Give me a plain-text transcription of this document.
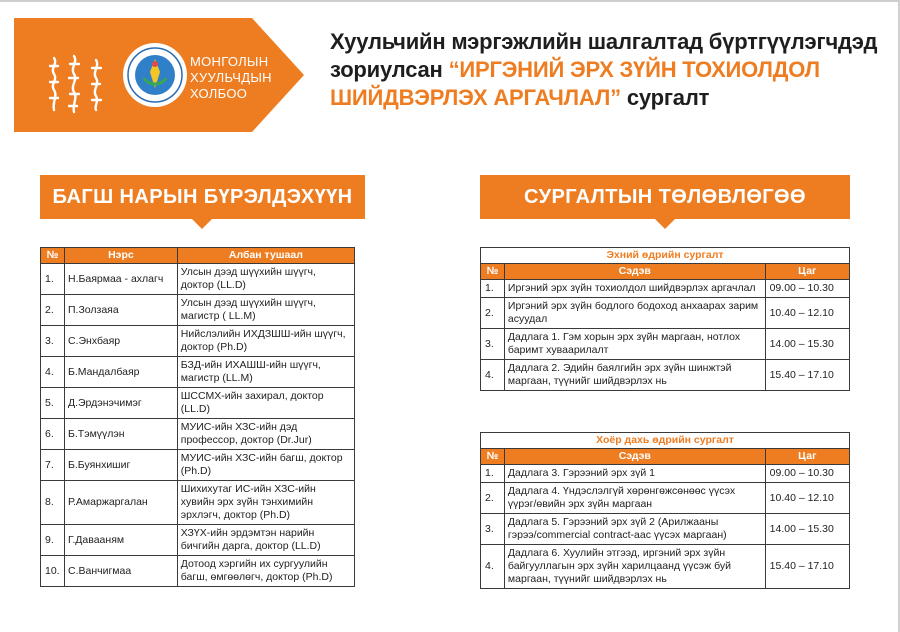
МОНГОЛЫН
ХУУЛЬЧДЫН
ХОЛБОО
Хуульчийн мэргэжлийн шалгалтад бүртгүүлэгчдэд
зориулсан “ИРГЭНИЙ ЭРХ ЗҮЙН ТОХИОЛДОЛ
ШИЙДВЭРЛЭХ АРГАЧЛАЛ” сургалт
БАГШ НАРЫН БҮРЭЛДЭХҮҮН	СУРГАЛТЫН ТӨЛӨВЛӨГӨӨ
№	Нэрс	Албан тушаал
1.	Н.Баярмаа - ахлагч	Улсын дээд шүүхийн шүүгч, доктор (LL.D)
2.	П.Золзаяа	Улсын дээд шүүхийн шүүгч, магистр ( LL.M)
3.	С.Энхбаяр	Нийслэлийн ИХДЗШШ-ийн шүүгч, доктор (Ph.D)
4.	Б.Мандалбаяр	БЗД-ийн ИХАШШ-ийн шүүгч, магистр (LL.M)
5.	Д.Эрдэнэчимэг	ШССМХ-ийн захирал, доктор (LL.D)
6.	Б.Тэмүүлэн	МУИС-ийн ХЗС-ийн дэд профессор, доктор (Dr.Jur)
7.	Б.Буянхишиг	МУИС-ийн ХЗС-ийн багш, доктор (Ph.D)
8.	Р.Амаржаргалан	Шихихутаг ИС-ийн ХЗС-ийн хувийн эрх зүйн тэнхимийн эрхлэгч, доктор (Ph.D)
9.	Г.Давааням	ХЗҮХ-ийн эрдэмтэн нарийн бичгийн дарга, доктор (LL.D)
10.	С.Ванчигмаа	Дотоод хэргийн их сургуулийн багш, өмгөөлөгч, доктор (Ph.D)
Эхний өдрийн сургалт		
№	Сэдэв	Цаг
1.	Иргэний эрх зүйн тохиолдол шийдвэрлэх аргачлал	09.00 – 10.30
2.	Иргэний эрх зүйн бодлого бодоход анхаарах зарим асуудал	10.40 – 12.10
3.	Дадлага 1. Гэм хорын эрх зүйн маргаан, нотлох баримт хуваарилалт	14.00 – 15.30
4.	Дадлага 2. Эдийн баялгийн эрх зүйн шинжтэй маргаан, түүнийг шийдвэрлэх нь	15.40 – 17.10
Хоёр дахь өдрийн сургалт		
№	Сэдэв	Цаг
1.	Дадлага 3. Гэрээний эрх зүй 1	09.00 – 10.30
2.	Дадлага 4. Үндэслэлгүй хөрөнгөжсөнөөс үүсэх үүрэг/өвийн эрх зүйн маргаан	10.40 – 12.10
3.	Дадлага 5. Гэрээний эрх зүй 2 (Арилжааны гэрээ/commercial contract-аас үүсэх маргаан)	14.00 – 15.30
4.	Дадлага 6. Хуулийн этгээд, иргэний эрх зүйн байгууллагын эрх зүйн харилцаанд үүсэж буй маргаан, түүнийг шийдвэрлэх нь	15.40 – 17.10
